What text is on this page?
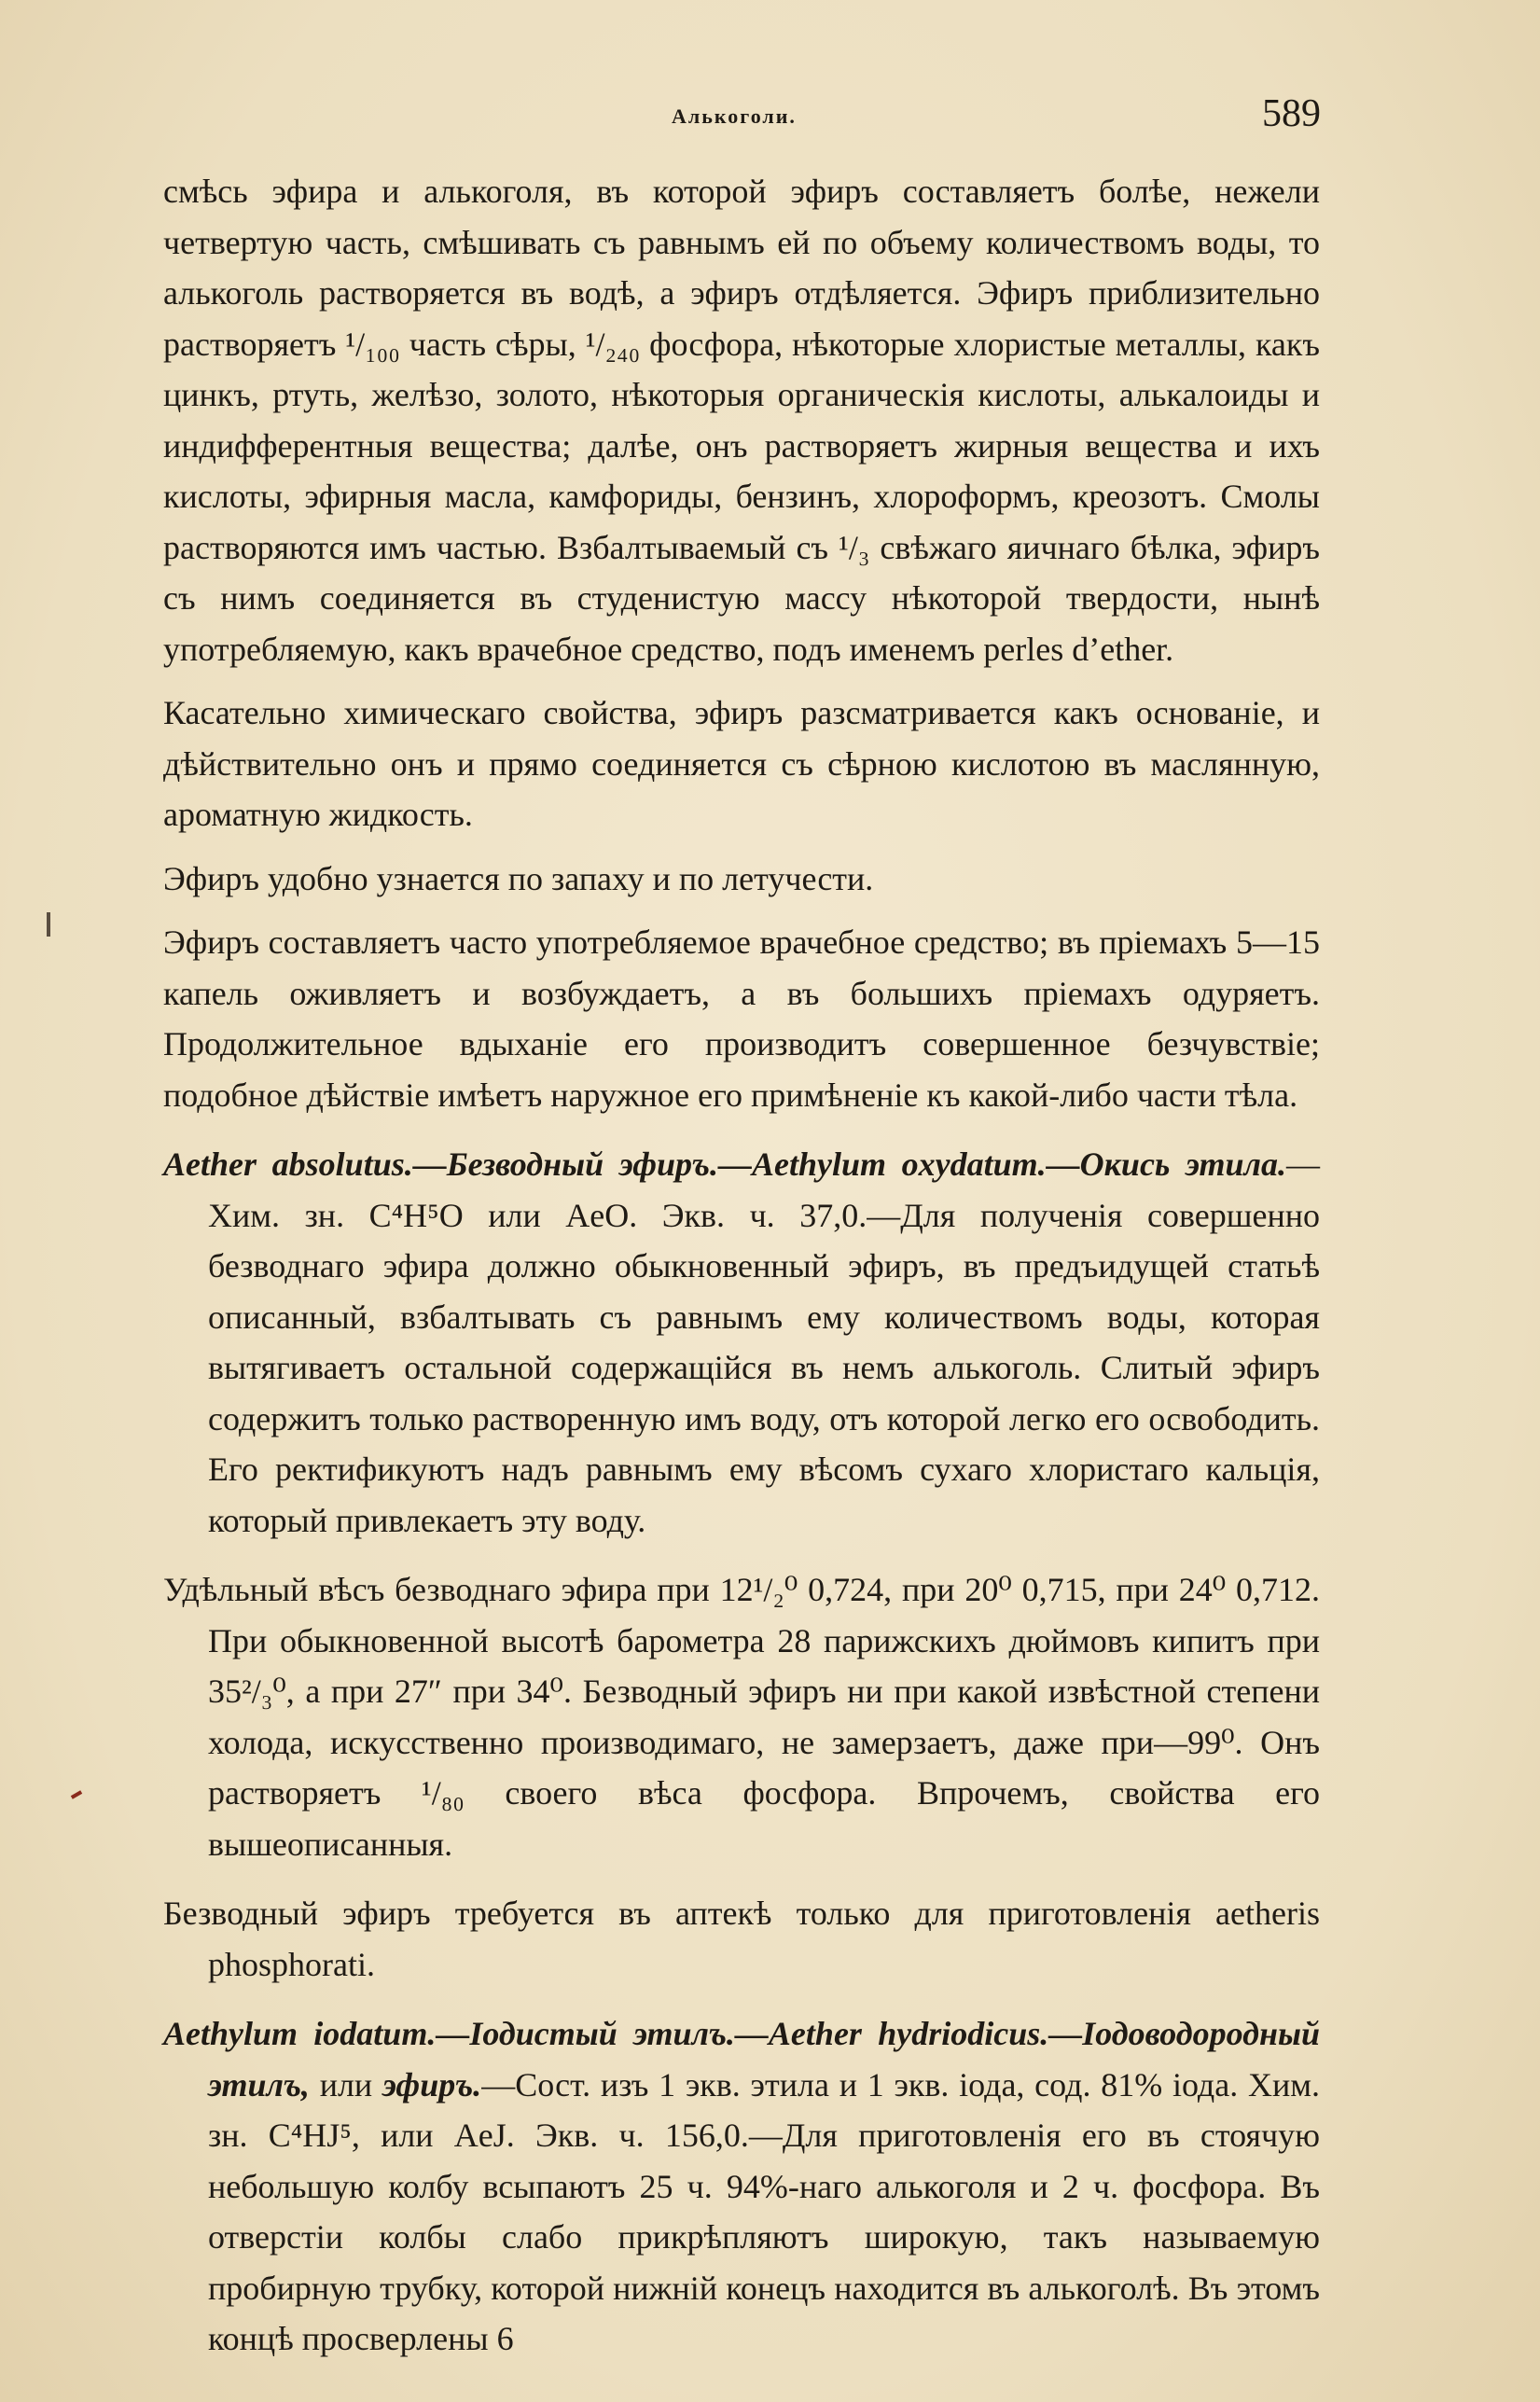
Алькоголи.	589

смѣсь эфира и алькоголя, въ которой эфиръ составляетъ болѣе, нежели четвертую часть, смѣшивать съ равнымъ ей по объему количествомъ воды, то алькоголь растворяется въ водѣ, а эфиръ отдѣляется. Эфиръ приблизительно растворяетъ ¹/₁₀₀ часть сѣры, ¹/₂₄₀ фосфора, нѣкоторые хлористые металлы, какъ цинкъ, ртуть, желѣзо, золото, нѣкоторыя органическія кислоты, алькалоиды и индифферентныя вещества; далѣе, онъ растворяетъ жирныя вещества и ихъ кислоты, эфирныя масла, камфориды, бензинъ, хлороформъ, креозотъ. Смолы растворяются имъ частью. Взбалтываемый съ ¹/₃ свѣжаго яичнаго бѣлка, эфиръ съ нимъ соединяется въ студенистую массу нѣкоторой твердости, нынѣ употребляемую, какъ врачебное средство, подъ именемъ perles d’ether.

Касательно химическаго свойства, эфиръ разсматривается какъ основаніе, и дѣйствительно онъ и прямо соединяется съ сѣрною кислотою въ маслянную, ароматную жидкость.

Эфиръ удобно узнается по запаху и по летучести.

Эфиръ составляетъ часто употребляемое врачебное средство; въ пріемахъ 5—15 капель оживляетъ и возбуждаетъ, а въ большихъ пріемахъ одуряетъ. Продолжительное вдыханіе его производитъ совершенное безчувствіе; подобное дѣйствіе имѣетъ наружное его примѣненіе къ какой-либо части тѣла.

Aether absolutus.—Безводный эфиръ.—Aethylum oxydatum.—Окись этила.—Хим. зн. C⁴H⁵O или AeO. Экв. ч. 37,0.—Для полученія совершенно безводнаго эфира должно обыкновенный эфиръ, въ предъидущей статьѣ описанный, взбалтывать съ равнымъ ему количествомъ воды, которая вытягиваетъ остальной содержащійся въ немъ алькоголь. Слитый эфиръ содержитъ только растворенную имъ воду, отъ которой легко его освободить. Его ректификуютъ надъ равнымъ ему вѣсомъ сухаго хлористаго кальція, который привлекаетъ эту воду.

Удѣльный вѣсъ безводнаго эфира при 12¹/₂⁰ 0,724, при 20⁰ 0,715, при 24⁰ 0,712. При обыкновенной высотѣ барометра 28 парижскихъ дюймовъ кипитъ при 35²/₃⁰, а при 27″ при 34⁰. Безводный эфиръ ни при какой извѣстной степени холода, искусственно производимаго, не замерзаетъ, даже при—99⁰. Онъ растворяетъ ¹/₈₀ своего вѣса фосфора. Впрочемъ, свойства его вышеописанныя.

Безводный эфиръ требуется въ аптекѣ только для приготовленія aetheris phosphorati.

Aethylum iodatum.—Іодистый этилъ.—Aether hydriodicus.—Іодоводородный этилъ, или эфиръ.—Сост. изъ 1 экв. этила и 1 экв. іода, сод. 81% іода. Хим. зн. C⁴HJ⁵, или AeJ. Экв. ч. 156,0.—Для приготовленія его въ стоячую небольшую колбу всыпаютъ 25 ч. 94%-наго алькоголя и 2 ч. фосфора. Въ отверстіи колбы слабо прикрѣпляютъ широкую, такъ называемую пробирную трубку, которой нижній конецъ находится въ алькоголѣ. Въ этомъ концѣ просверлены 6
